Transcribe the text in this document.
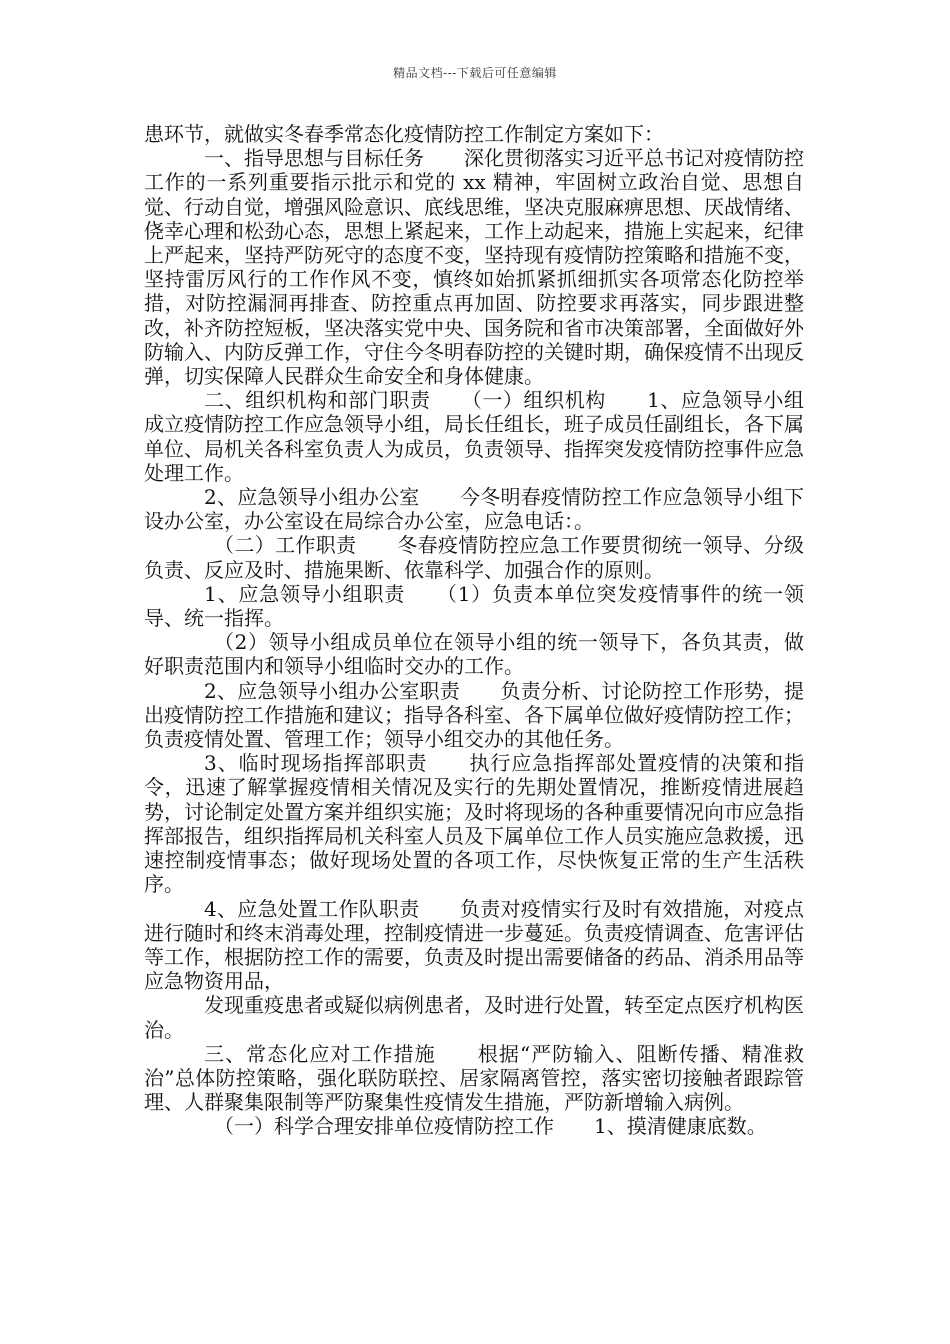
精品文档---下载后可任意编辑

患环节，就做实冬春季常态化疫情防控工作制定方案如下：

一、指导思想与目标任务　　深化贯彻落实习近平总书记对疫情防控工作的一系列重要指示批示和党的 xx 精神，牢固树立政治自觉、思想自觉、行动自觉，增强风险意识、底线思维，坚决克服麻痹思想、厌战情绪、侥幸心理和松劲心态，思想上紧起来，工作上动起来，措施上实起来，纪律上严起来，坚持严防死守的态度不变，坚持现有疫情防控策略和措施不变，坚持雷厉风行的工作作风不变，慎终如始抓紧抓细抓实各项常态化防控举措，对防控漏洞再排查、防控重点再加固、防控要求再落实，同步跟进整改，补齐防控短板，坚决落实党中央、国务院和省市决策部署，全面做好外防输入、内防反弹工作，守住今冬明春防控的关键时期，确保疫情不出现反弹，切实保障人民群众生命安全和身体健康。

二、组织机构和部门职责　　（一）组织机构　　1、应急领导小组　　成立疫情防控工作应急领导小组，局长任组长，班子成员任副组长，各下属单位、局机关各科室负责人为成员，负责领导、指挥突发疫情防控事件应急处理工作。

2、应急领导小组办公室　　今冬明春疫情防控工作应急领导小组下设办公室，办公室设在局综合办公室，应急电话：。

（二）工作职责　　冬春疫情防控应急工作要贯彻统一领导、分级负责、反应及时、措施果断、依靠科学、加强合作的原则。

1、应急领导小组职责　　（1）负责本单位突发疫情事件的统一领导、统一指挥。

（2）领导小组成员单位在领导小组的统一领导下，各负其责，做好职责范围内和领导小组临时交办的工作。

2、应急领导小组办公室职责　　负责分析、讨论防控工作形势，提出疫情防控工作措施和建议；指导各科室、各下属单位做好疫情防控工作；负责疫情处置、管理工作；领导小组交办的其他任务。

3、临时现场指挥部职责　　执行应急指挥部处置疫情的决策和指令，迅速了解掌握疫情相关情况及实行的先期处置情况，推断疫情进展趋势，讨论制定处置方案并组织实施；及时将现场的各种重要情况向市应急指挥部报告，组织指挥局机关科室人员及下属单位工作人员实施应急救援，迅速控制疫情事态；做好现场处置的各项工作，尽快恢复正常的生产生活秩序。

4、应急处置工作队职责　　负责对疫情实行及时有效措施，对疫点进行随时和终末消毒处理，控制疫情进一步蔓延。负责疫情调查、危害评估等工作，根据防控工作的需要，负责及时提出需要储备的药品、消杀用品等应急物资用品，

发现重疫患者或疑似病例患者，及时进行处置，转至定点医疗机构医治。

三、常态化应对工作措施　　根据“严防输入、阻断传播、精准救治”总体防控策略，强化联防联控、居家隔离管控，落实密切接触者跟踪管理、人群聚集限制等严防聚集性疫情发生措施，严防新增输入病例。

（一）科学合理安排单位疫情防控工作　　1、摸清健康底数。
